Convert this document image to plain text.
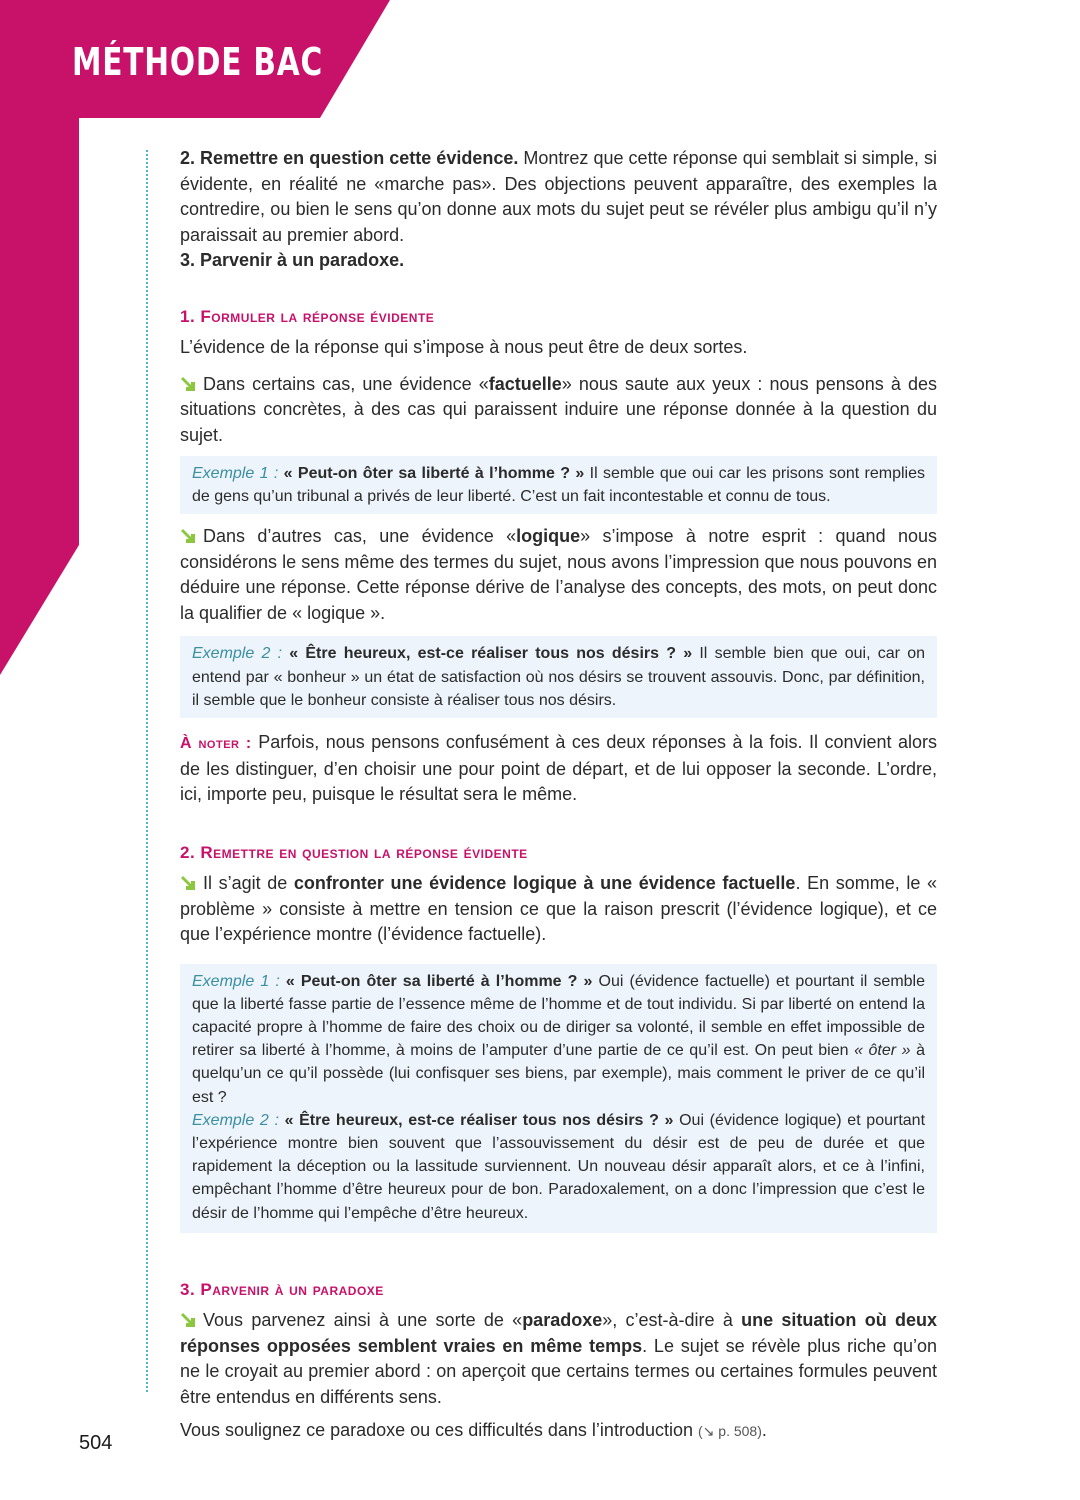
MÉTHODE BAC

2. Remettre en question cette évidence. Montrez que cette réponse qui semblait si simple, si évidente, en réalité ne «marche pas». Des objections peuvent apparaître, des exemples la contredire, ou bien le sens qu’on donne aux mots du sujet peut se révéler plus ambigu qu’il n’y paraissait au premier abord.

3. Parvenir à un paradoxe.

1. Formuler la réponse évidente

L’évidence de la réponse qui s’impose à nous peut être de deux sortes.

Dans certains cas, une évidence «factuelle» nous saute aux yeux : nous pensons à des situations concrètes, à des cas qui paraissent induire une réponse donnée à la question du sujet.

Exemple 1 : « Peut-on ôter sa liberté à l’homme ? » Il semble que oui car les prisons sont remplies de gens qu’un tribunal a privés de leur liberté. C’est un fait incontestable et connu de tous.

Dans d’autres cas, une évidence «logique» s’impose à notre esprit : quand nous considérons le sens même des termes du sujet, nous avons l’impression que nous pouvons en déduire une réponse. Cette réponse dérive de l’analyse des concepts, des mots, on peut donc la qualifier de « logique ».

Exemple 2 : « Être heureux, est-ce réaliser tous nos désirs ? » Il semble bien que oui, car on entend par « bonheur » un état de satisfaction où nos désirs se trouvent assouvis. Donc, par définition, il semble que le bonheur consiste à réaliser tous nos désirs.

À noter : Parfois, nous pensons confusément à ces deux réponses à la fois. Il convient alors de les distinguer, d’en choisir une pour point de départ, et de lui opposer la seconde. L’ordre, ici, importe peu, puisque le résultat sera le même.

2. Remettre en question la réponse évidente

Il s’agit de confronter une évidence logique à une évidence factuelle. En somme, le « problème » consiste à mettre en tension ce que la raison prescrit (l’évidence logique), et ce que l’expérience montre (l’évidence factuelle).

Exemple 1 : « Peut-on ôter sa liberté à l’homme ? » Oui (évidence factuelle) et pourtant il semble que la liberté fasse partie de l’essence même de l’homme et de tout individu. Si par liberté on entend la capacité propre à l’homme de faire des choix ou de diriger sa volonté, il semble en effet impossible de retirer sa liberté à l’homme, à moins de l’amputer d’une partie de ce qu’il est. On peut bien « ôter » à quelqu’un ce qu’il possède (lui confisquer ses biens, par exemple), mais comment le priver de ce qu’il est ?
Exemple 2 : « Être heureux, est-ce réaliser tous nos désirs ? » Oui (évidence logique) et pourtant l’expérience montre bien souvent que l’assouvissement du désir est de peu de durée et que rapidement la déception ou la lassitude surviennent. Un nouveau désir apparaît alors, et ce à l’infini, empêchant l’homme d’être heureux pour de bon. Paradoxalement, on a donc l’impression que c’est le désir de l’homme qui l’empêche d’être heureux.
3. Parvenir à un paradoxe

Vous parvenez ainsi à une sorte de «paradoxe», c’est-à-dire à une situation où deux réponses opposées semblent vraies en même temps. Le sujet se révèle plus riche qu’on ne le croyait au premier abord : on aperçoit que certains termes ou certaines formules peuvent être entendus en différents sens.

Vous soulignez ce paradoxe ou ces difficultés dans l’introduction (↘ p. 508).

504
